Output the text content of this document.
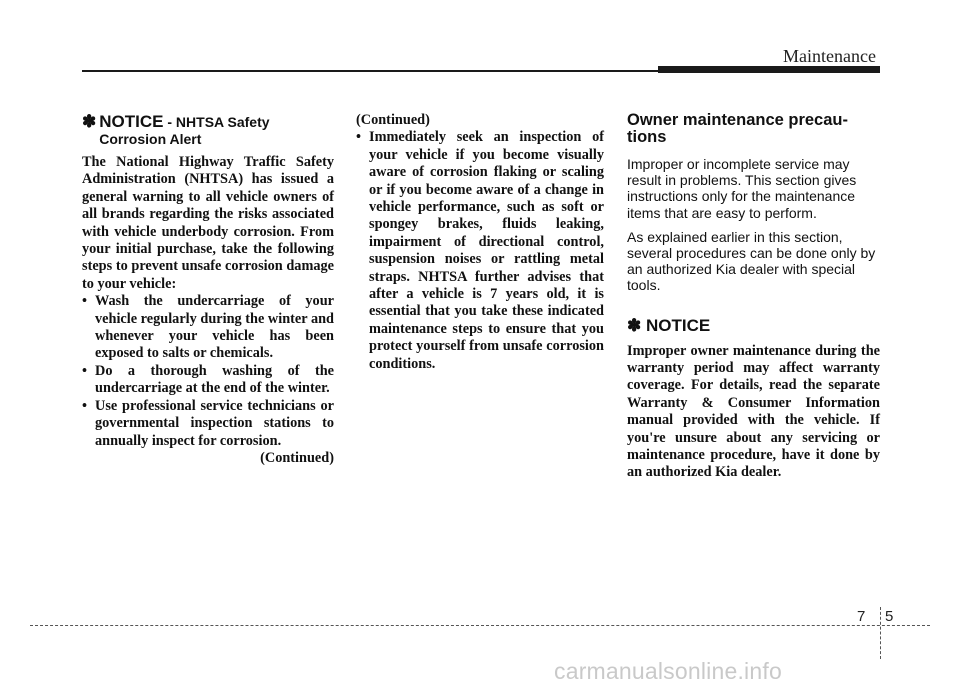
Maintenance
✽ NOTICE - NHTSA Safety Corrosion Alert

The National Highway Traffic Safety Administration (NHTSA) has issued a general warning to all vehicle owners of all brands regarding the risks associated with vehicle underbody corrosion. From your initial purchase, take the following steps to prevent unsafe corrosion damage to your vehicle:

• Wash the undercarriage of your vehicle regularly during the winter and whenever your vehicle has been exposed to salts or chemicals.
• Do a thorough washing of the undercarriage at the end of the winter.
• Use professional service technicians or governmental inspection stations to annually inspect for corrosion.

(Continued)

(Continued)

• Immediately seek an inspection of your vehicle if you become visually aware of corrosion flaking or scaling or if you become aware of a change in vehicle performance, such as soft or spongey brakes, fluids leaking, impairment of directional control, suspension noises or rattling metal straps. NHTSA further advises that after a vehicle is 7 years old, it is essential that you take these indicated maintenance steps to ensure that you protect yourself from unsafe corrosion conditions.
Owner maintenance precau-tions

Improper or incomplete service may result in problems. This section gives instructions only for the maintenance items that are easy to perform.

As explained earlier in this section, several procedures can be done only by an authorized Kia dealer with special tools.

✽ NOTICE

Improper owner maintenance during the warranty period may affect warranty coverage. For details, read the separate Warranty & Consumer Information manual provided with the vehicle. If you're unsure about any servicing or maintenance procedure, have it done by an authorized Kia dealer.

7 5
carmanualsonline.info
